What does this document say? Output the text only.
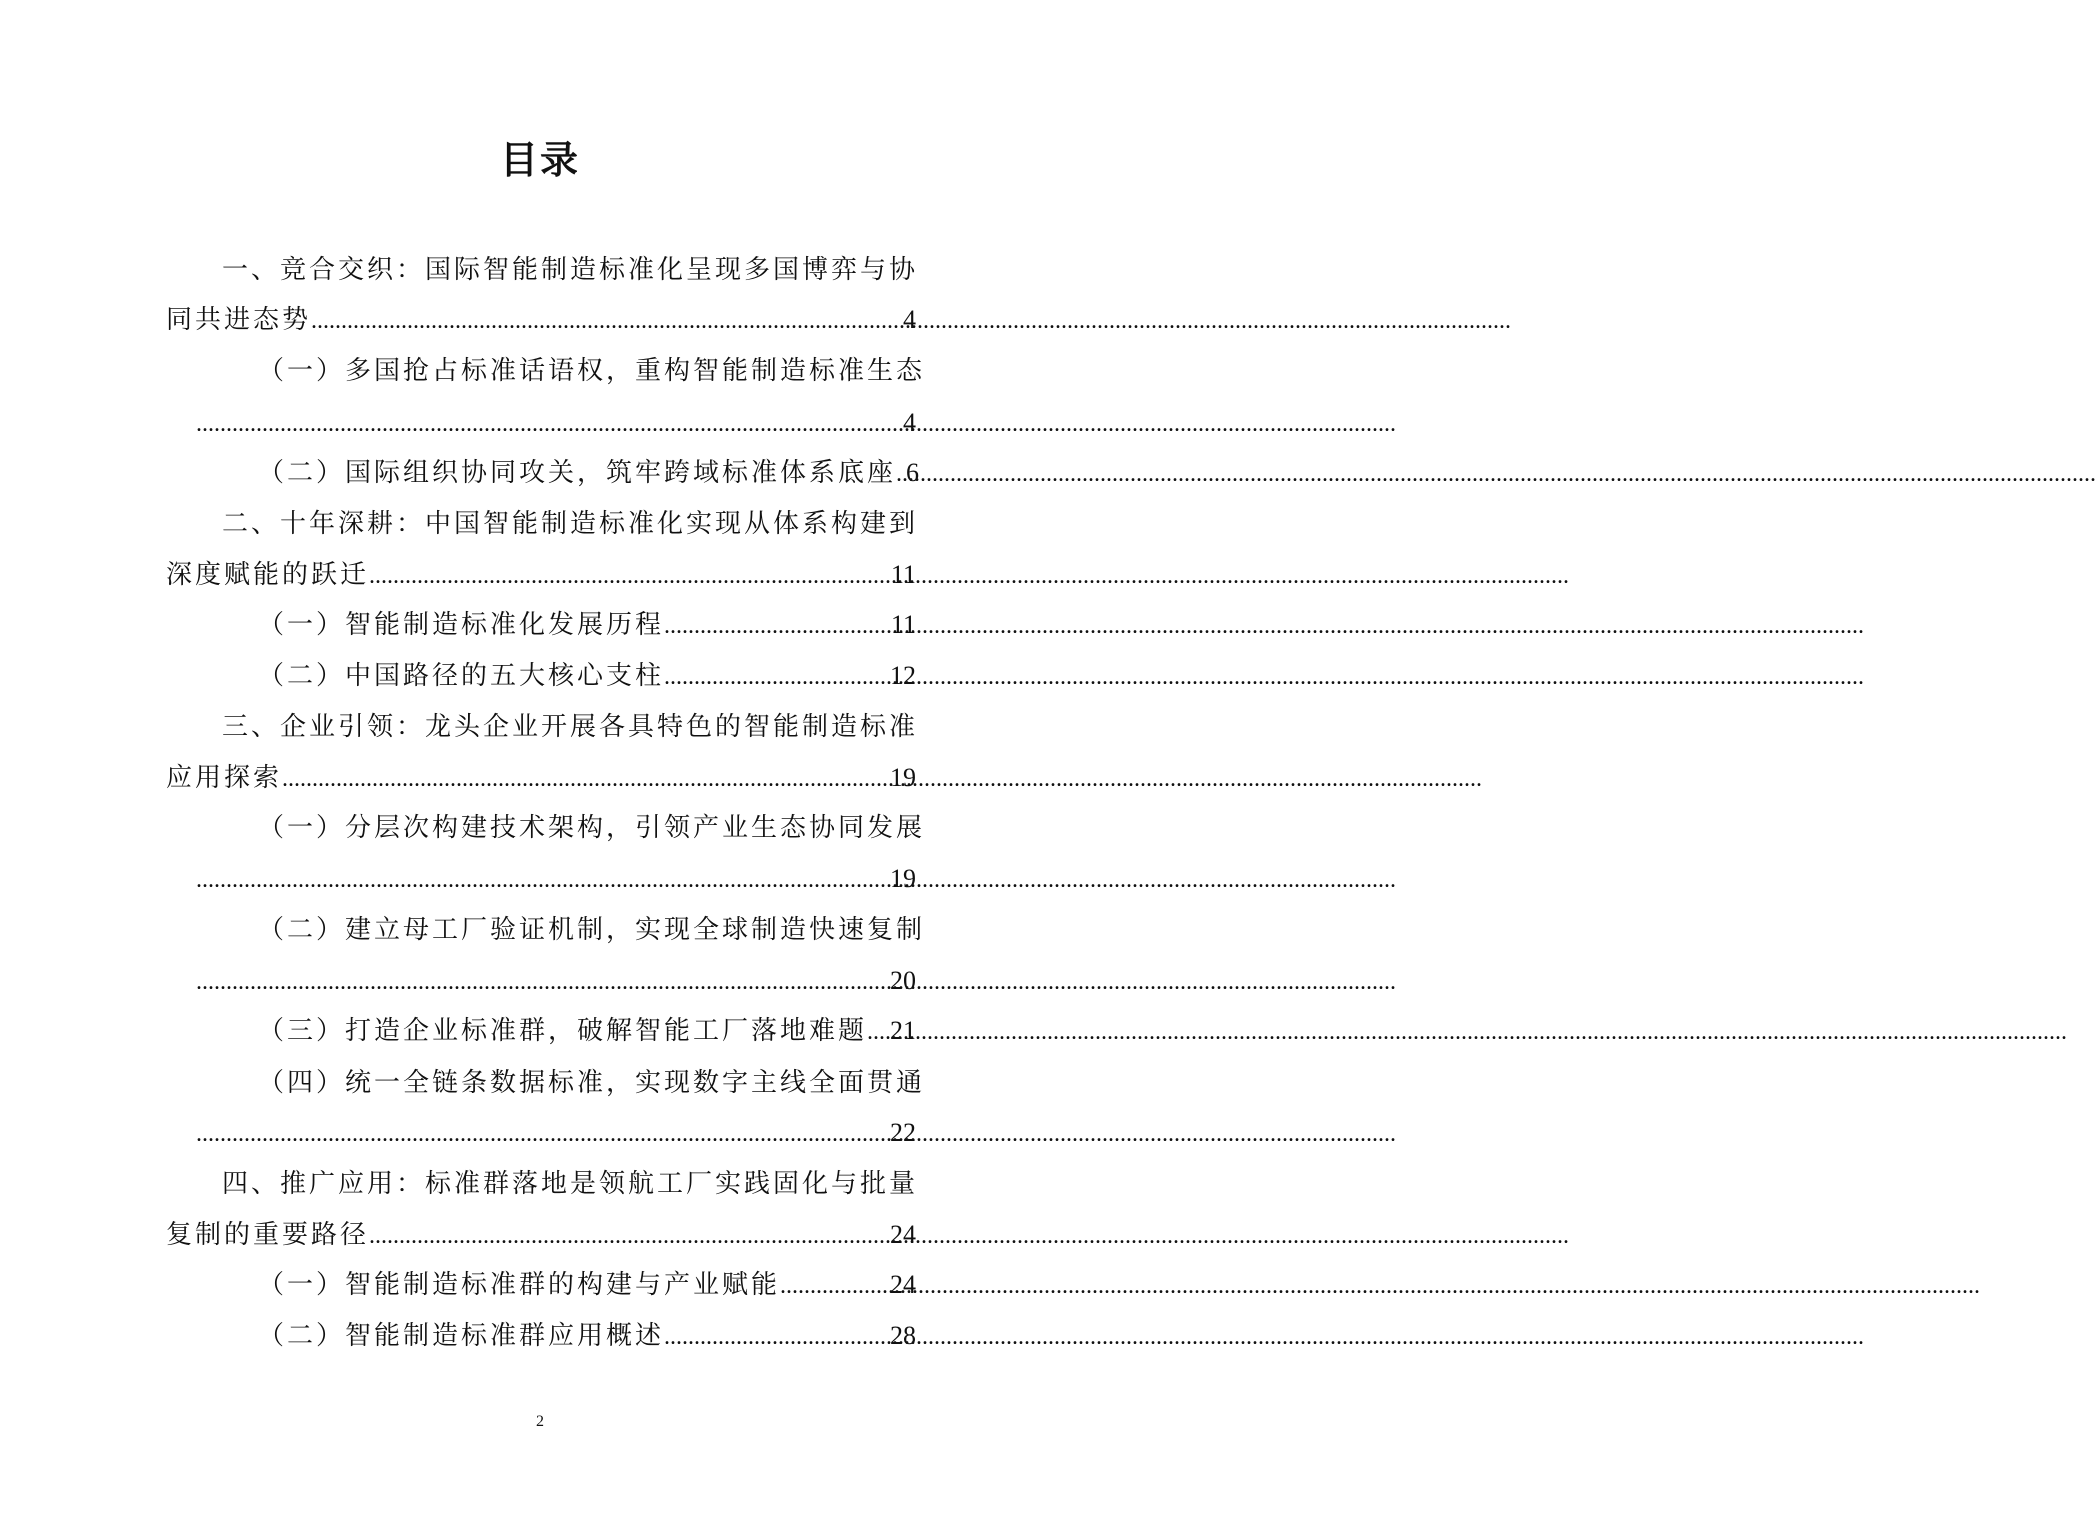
目录
一、竞合交织：国际智能制造标准化呈现多国博弈与协
同共进态势 .....	4
（一）多国抢占标准话语权，重构智能制造标准生态
.....
4
（二）国际组织协同攻关，筑牢跨域标准体系底座 ..... 6
二、十年深耕：中国智能制造标准化实现从体系构建到
深度赋能的跃迁 .....	11
（一）智能制造标准化发展历程 .....	11
（二）中国路径的五大核心支柱 .....	12
三、企业引领：龙头企业开展各具特色的智能制造标准
应用探索 .....	19
（一）分层次构建技术架构，引领产业生态协同发展
.....
19
（二）建立母工厂验证机制，实现全球制造快速复制
.....
20
（三）打造企业标准群，破解智能工厂落地难题 ..... 21
（四）统一全链条数据标准，实现数字主线全面贯通
.....
22
四、推广应用：标准群落地是领航工厂实践固化与批量
复制的重要路径 .....	24
（一）智能制造标准群的构建与产业赋能 .....	24
（二）智能制造标准群应用概述 .....	28
2
